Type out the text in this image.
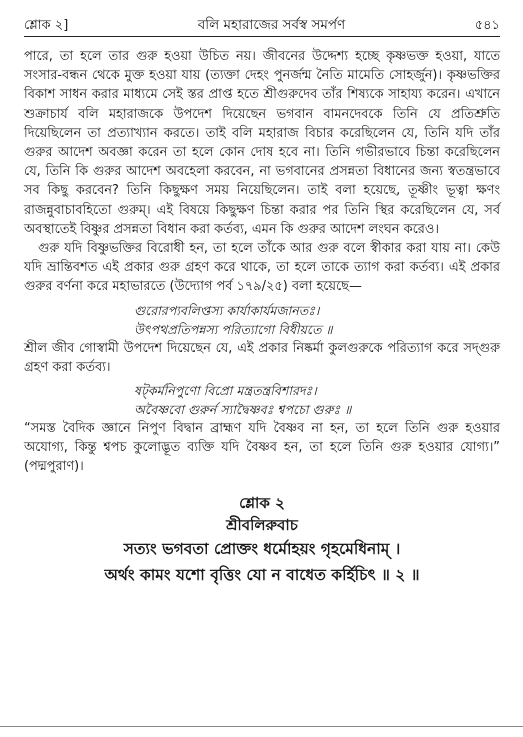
শ্লোক ২]	বলি মহারাজের সর্বস্ব সমর্পণ	৫৪১

পারে, তা হলে তার গুরু হওয়া উচিত নয়। জীবনের উদ্দেশ্য হচ্ছে কৃষ্ণভক্ত হওয়া, যাতে সংসার-বন্ধন থেকে মুক্ত হওয়া যায় (ত্যক্তা দেহং পুনর্জন্ম নৈতি মামেতি সোহর্জুন)। কৃষ্ণভক্তির বিকাশ সাধন করার মাধ্যমে সেই স্তর প্রাপ্ত হতে শ্রীগুরুদেব তাঁর শিষ্যকে সাহায্য করেন। এখানে শুক্রাচার্য বলি মহারাজকে উপদেশ দিয়েছেন ভগবান বামনদেবকে তিনি যে প্রতিশ্রুতি দিয়েছিলেন তা প্রত্যাখ্যান করতে। তাই বলি মহারাজ বিচার করেছিলেন যে, তিনি যদি তাঁর গুরুর আদেশ অবজ্ঞা করেন তা হলে কোন দোষ হবে না। তিনি গভীরভাবে চিন্তা করেছিলেন যে, তিনি কি গুরুর আদেশ অবহেলা করবেন, না ভগবানের প্রসন্নতা বিধানের জন্য স্বতন্ত্রভাবে সব কিছু করবেন? তিনি কিছুক্ষণ সময় নিয়েছিলেন। তাই বলা হয়েছে, তূষ্ণীং ভূত্বা ক্ষণং রাজন্নুবাচাবহিতো গুরুম্। এই বিষয়ে কিছুক্ষণ চিন্তা করার পর তিনি স্থির করেছিলেন যে, সর্ব অবস্থাতেই বিষ্ণুর প্রসন্নতা বিধান করা কর্তব্য, এমন কি গুরুর আদেশ লংঘন করেও।

গুরু যদি বিষ্ণুভক্তির বিরোধী হন, তা হলে তাঁকে আর গুরু বলে স্বীকার করা যায় না। কেউ যদি ভ্রান্তিবশত এই প্রকার গুরু গ্রহণ করে থাকে, তা হলে তাকে ত্যাগ করা কর্তব্য। এই প্রকার গুরুর বর্ণনা করে মহাভারতে (উদ্যোগ পর্ব ১৭৯/২৫) বলা হয়েছে—

গুরোরপ্যবলিপ্তস্য কার্যাকার্যমজানতঃ।

উৎপথপ্রতিপন্নস্য পরিত্যাগো বিধীয়তে ॥

শ্রীল জীব গোস্বামী উপদেশ দিয়েছেন যে, এই প্রকার নিষ্কর্মা কুলগুরুকে পরিত্যাগ করে সদ্গুরু গ্রহণ করা কর্তব্য।

ষট্‌কর্মনিপুণো বিপ্রো মন্ত্রতন্ত্রবিশারদঃ।

অবৈষ্ণবো গুরুর্ন স্যাদ্বৈষ্ণবঃ শ্বপচো গুরুঃ ॥

“সমস্ত বৈদিক জ্ঞানে নিপুণ বিদ্বান ব্রাহ্মণ যদি বৈষ্ণব না হন, তা হলে তিনি গুরু হওয়ার অযোগ্য, কিন্তু শ্বপচ কুলোদ্ভূত ব্যক্তি যদি বৈষ্ণব হন, তা হলে তিনি গুরু হওয়ার যোগ্য।” (পদ্মপুরাণ)।

শ্লোক ২
শ্রীবলিরুবাচ
সত্যং ভগবতা প্রোক্তং ধর্মোহয়ং গৃহমেধিনাম্ ।
অর্থং কামং যশো বৃত্তিং যো ন বাধেত কর্হিচিৎ ॥ ২ ॥
